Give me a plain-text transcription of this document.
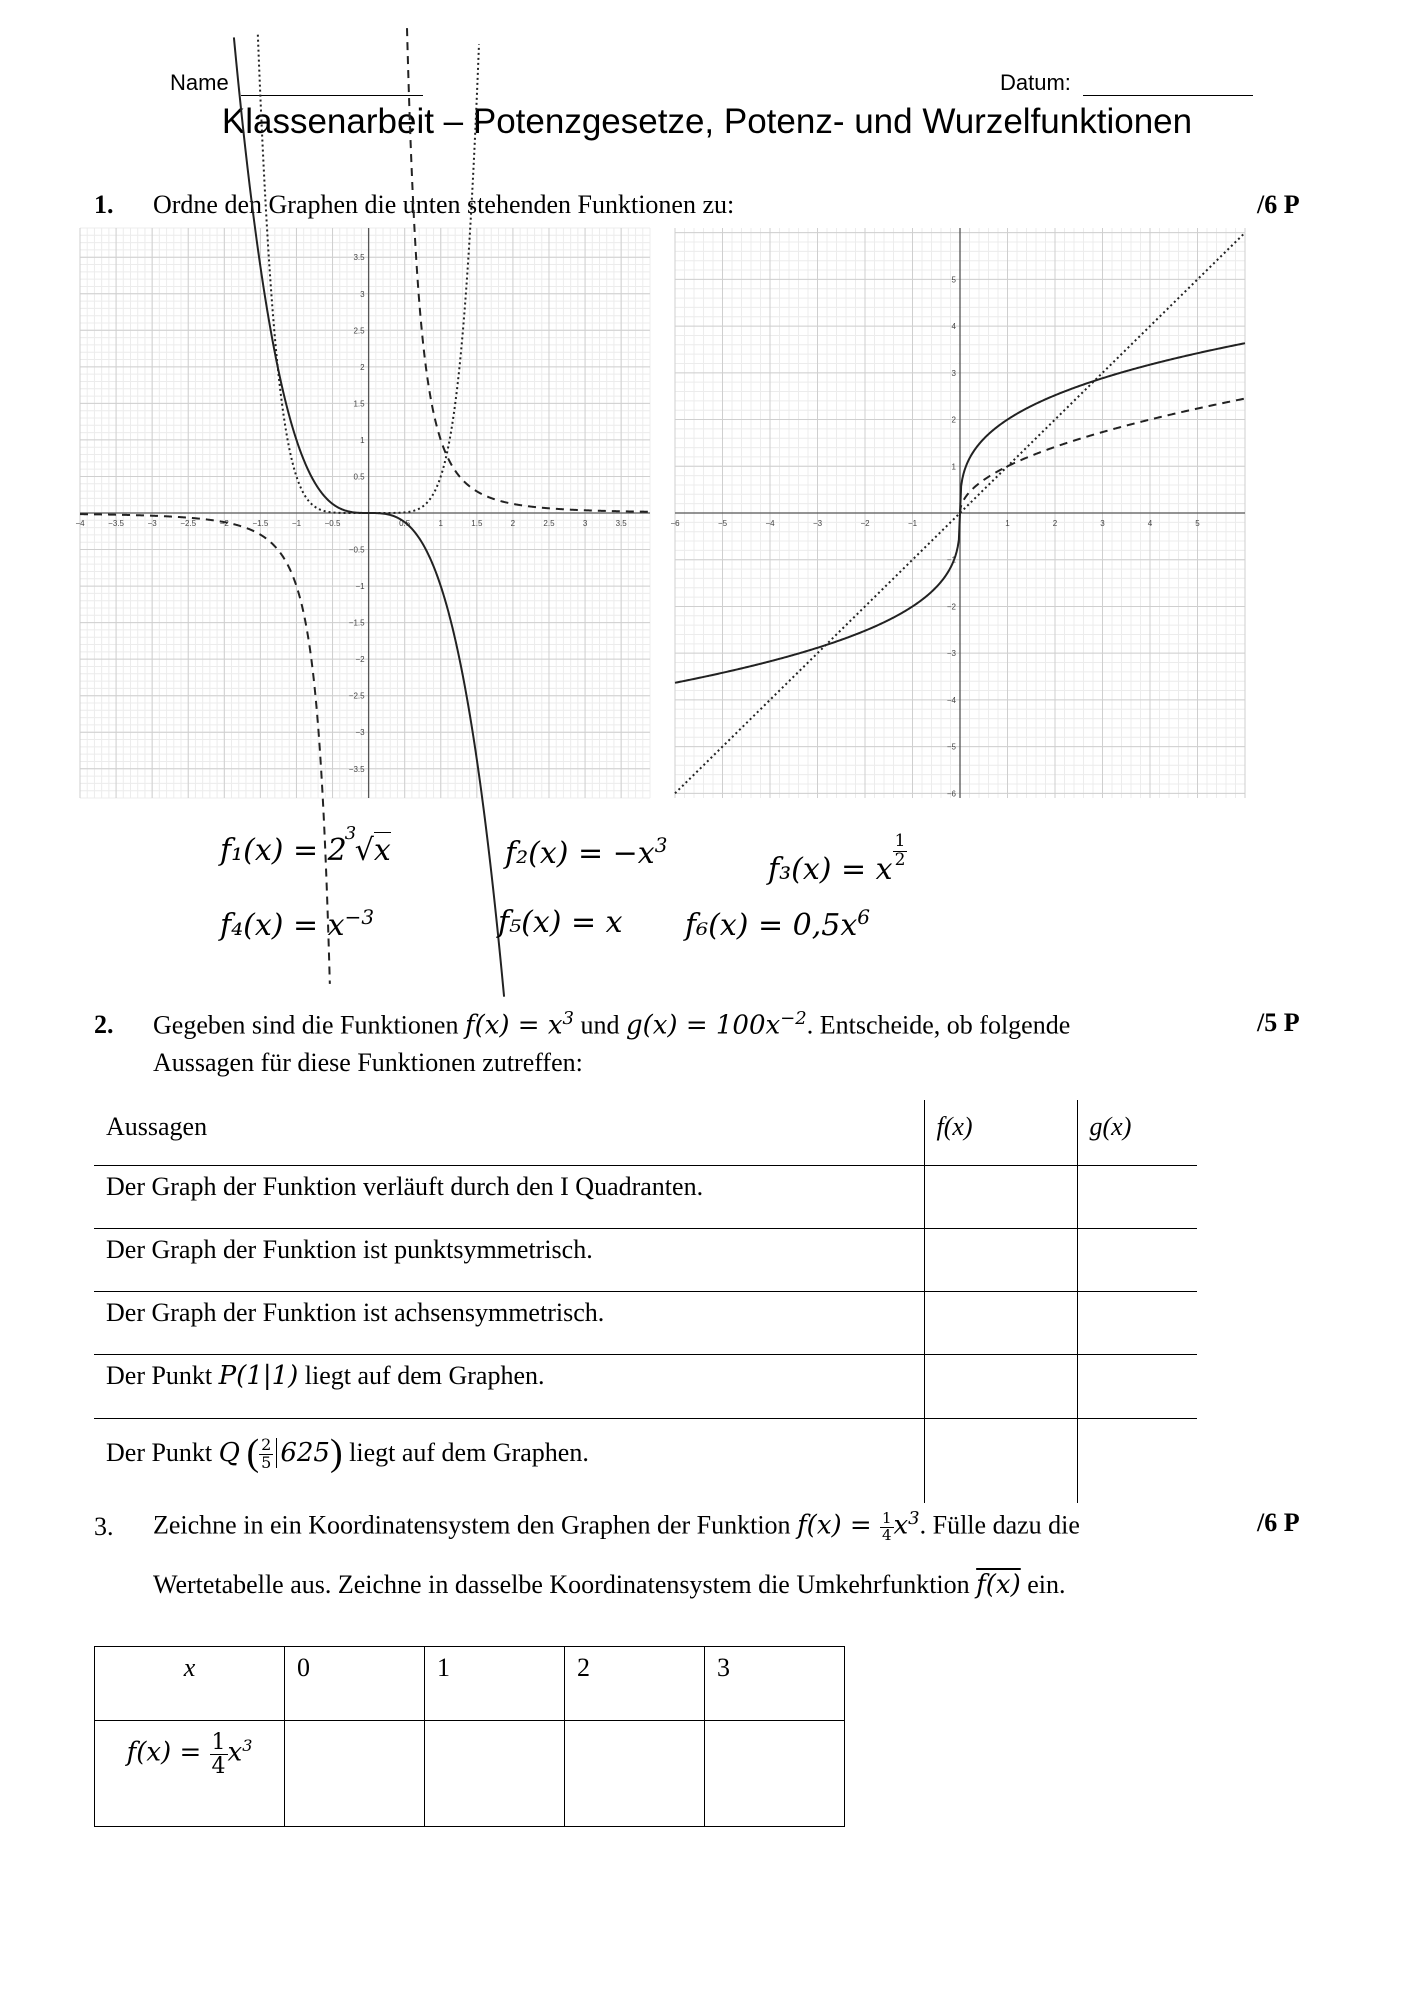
Name	Datum:
Klassenarbeit – Potenzgesetze, Potenz- und Wurzelfunktionen
1. Ordne den Graphen die unten stehenden Funktionen zu:	/6 P
−4	−3.5	−3	−2.5	−2	−1.5	−1	−0.5	0.5	1	1.5	2	2.5	3	3.5
3.5
3
2.5
2
1.5
1
0.5
−0.5
−1
−1.5
−2
−2.5
−3
−3.5
−6	−5	−4	−3	−2	−1	1	2	3	4	5
5
4
3
2
1
−1
−2
−3
−4
−5
−6
f₁(x) = 2
3
√x	$f_2(x) = -x^3$
f₃(x) = x $\frac{1}{2}$
$f_4(x) = x^{-3}$	f₅(x) = x $f_6(x) = 0,5x^6$
2. Gegeben sind die Funktionen $f(x) = x^3$ und $g(x) = 100x^{-2}$. Entscheide, ob folgende
Aussagen für diese Funktionen zutreffen:
/5 P
Aussagen	f(x)	g(x)
Der Graph der Funktion verläuft durch den I Quadranten.		
Der Graph der Funktion ist punktsymmetrisch.		
Der Graph der Funktion ist achsensymmetrisch.		
Der Punkt P(1|1) liegt auf dem Graphen.		
Der Punkt Q ( $\frac{2}{5} 625$) liegt auf dem Graphen.		
3. Zeichne in ein Koordinatensystem den Graphen der Funktion $f(x) = \frac{1}{4} x^3$. Fülle dazu die
Wertetabelle aus. Zeichne in dasselbe Koordinatensystem die Umkehrfunktion f(x) ein.
/6 P
x	0	1	2	3
$f(x) = \frac{1}{4} x^3$				
